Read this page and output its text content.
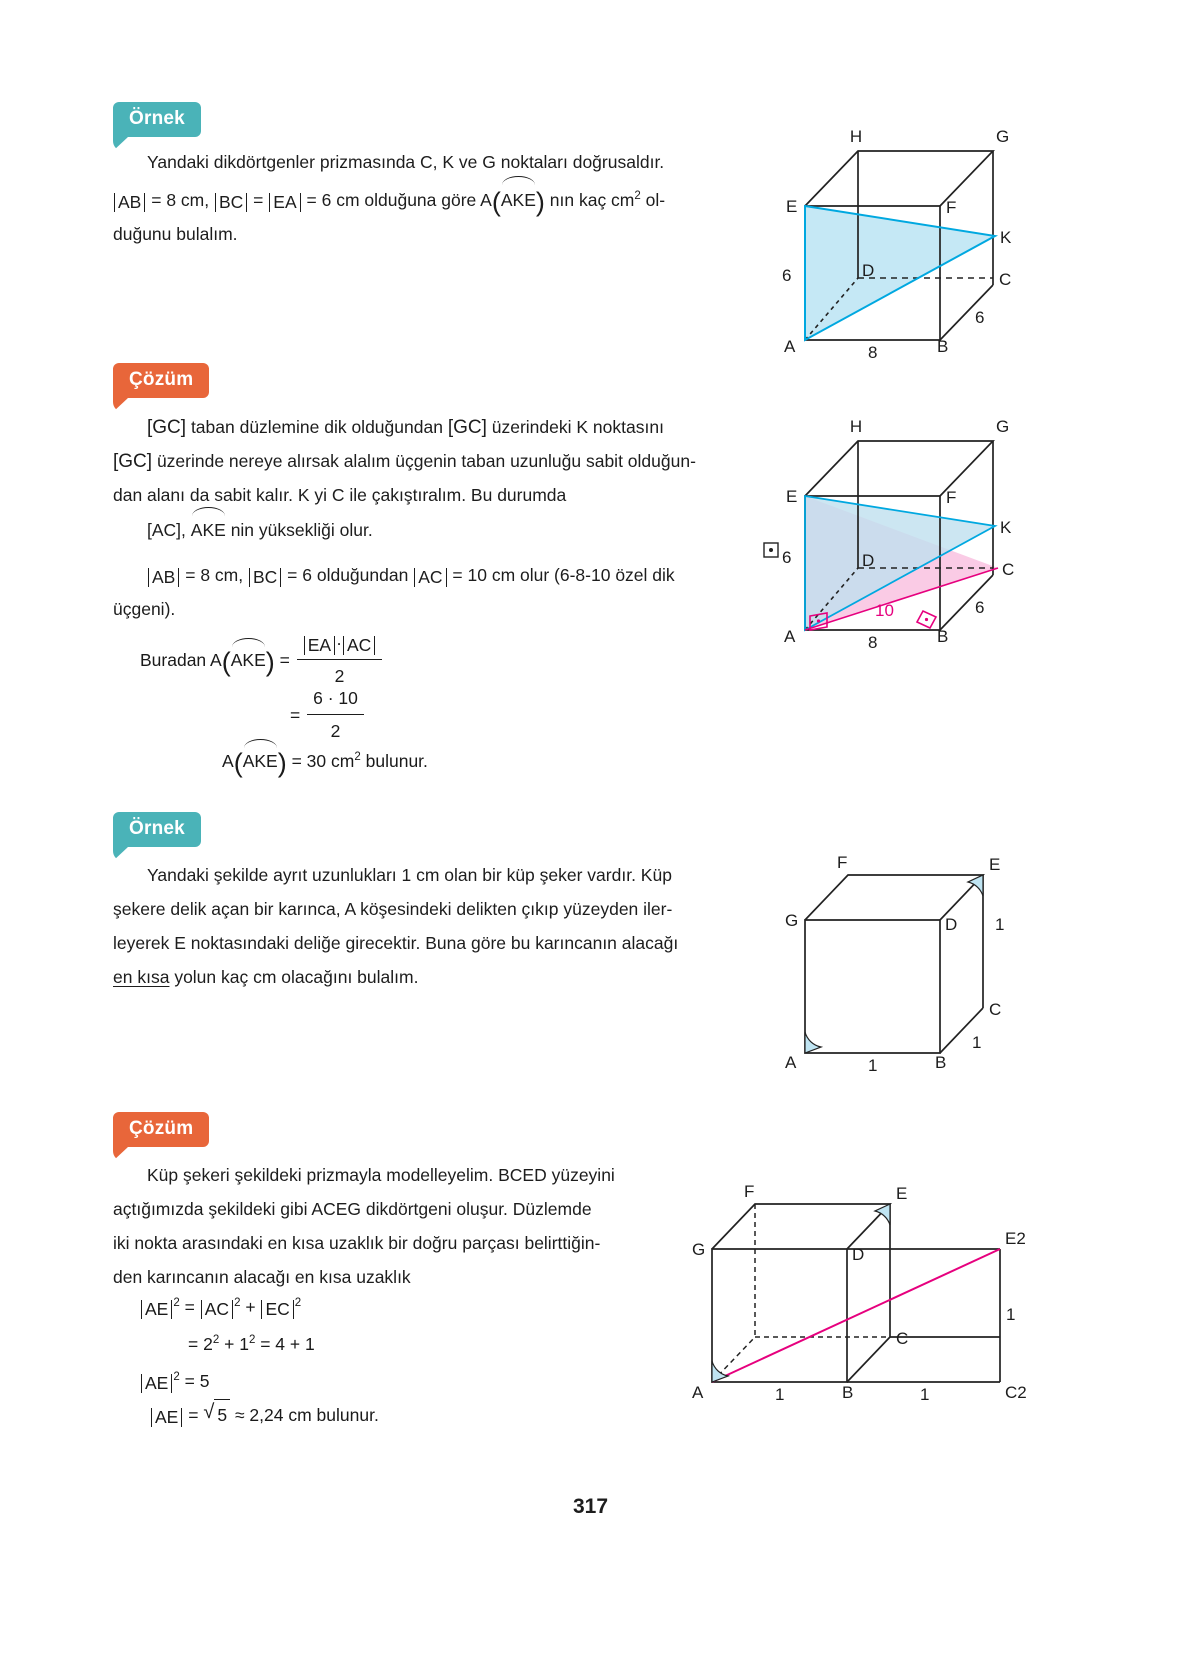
Örnek
Yandaki dikdörtgenler prizmasında C, K ve G noktaları doğrusaldır.
AB = 8 cm, BC = EA = 6 cm olduğuna göre A(
AKE) nın kaç $cm^2$ ol-
duğunu bulalım.
H	G
E	F
K
D	C
A	B
6
6
8
Çözüm
[GC] taban düzlemine dik olduğundan [GC] üzerindeki K noktasını
[GC] üzerinde nereye alırsak alalım üçgenin taban uzunluğu sabit olduğun-
dan alanı da sabit kalır. K yi C ile çakıştıralım. Bu durumda
[AC], AKE nin yüksekliği olur.
AB = 8 cm, BC = 6 olduğundan AC = 10 cm olur (6-8-10 özel dik
üçgeni).
Buradan A(
$AKE) = \frac{EA \cdot AC}{2}$
= $\frac{6 \cdot 10}{2}$
A(
AKE) = 30 $cm^2$ bulunur.
H	G
E	F
K
D	C
A	B
6
6
8
10
Örnek
Yandaki şekilde ayrıt uzunlukları 1 cm olan bir küp şeker vardır. Küp
şekere delik açan bir karınca, A köşesindeki delikten çıkıp yüzeyden iler-
leyerek E noktasındaki deliğe girecektir. Buna göre bu karıncanın alacağı
en kısa yolun kaç cm olacağını bulalım.
F	E
G	D
C
A	B
1
1
1
Çözüm
Küp şekeri şekildeki prizmayla modelleyelim. BCED yüzeyini
açtığımızda şekildeki gibi ACEG dikdörtgeni oluşur. Düzlemde
iki nokta arasındaki en kısa uzaklık bir doğru parçası belirttiğin-
den karıncanın alacağı en kısa uzaklık
AE $^2$ = AC $^2$ + EC $^2$
= $2^2 + 1^2 = 4 + 1$
AE $^2$ = 5
AE = √ 5 ≈ 2,24 cm bulunur.
F	E
G	D
C
A	B
E2
C2
1
1	1
317
